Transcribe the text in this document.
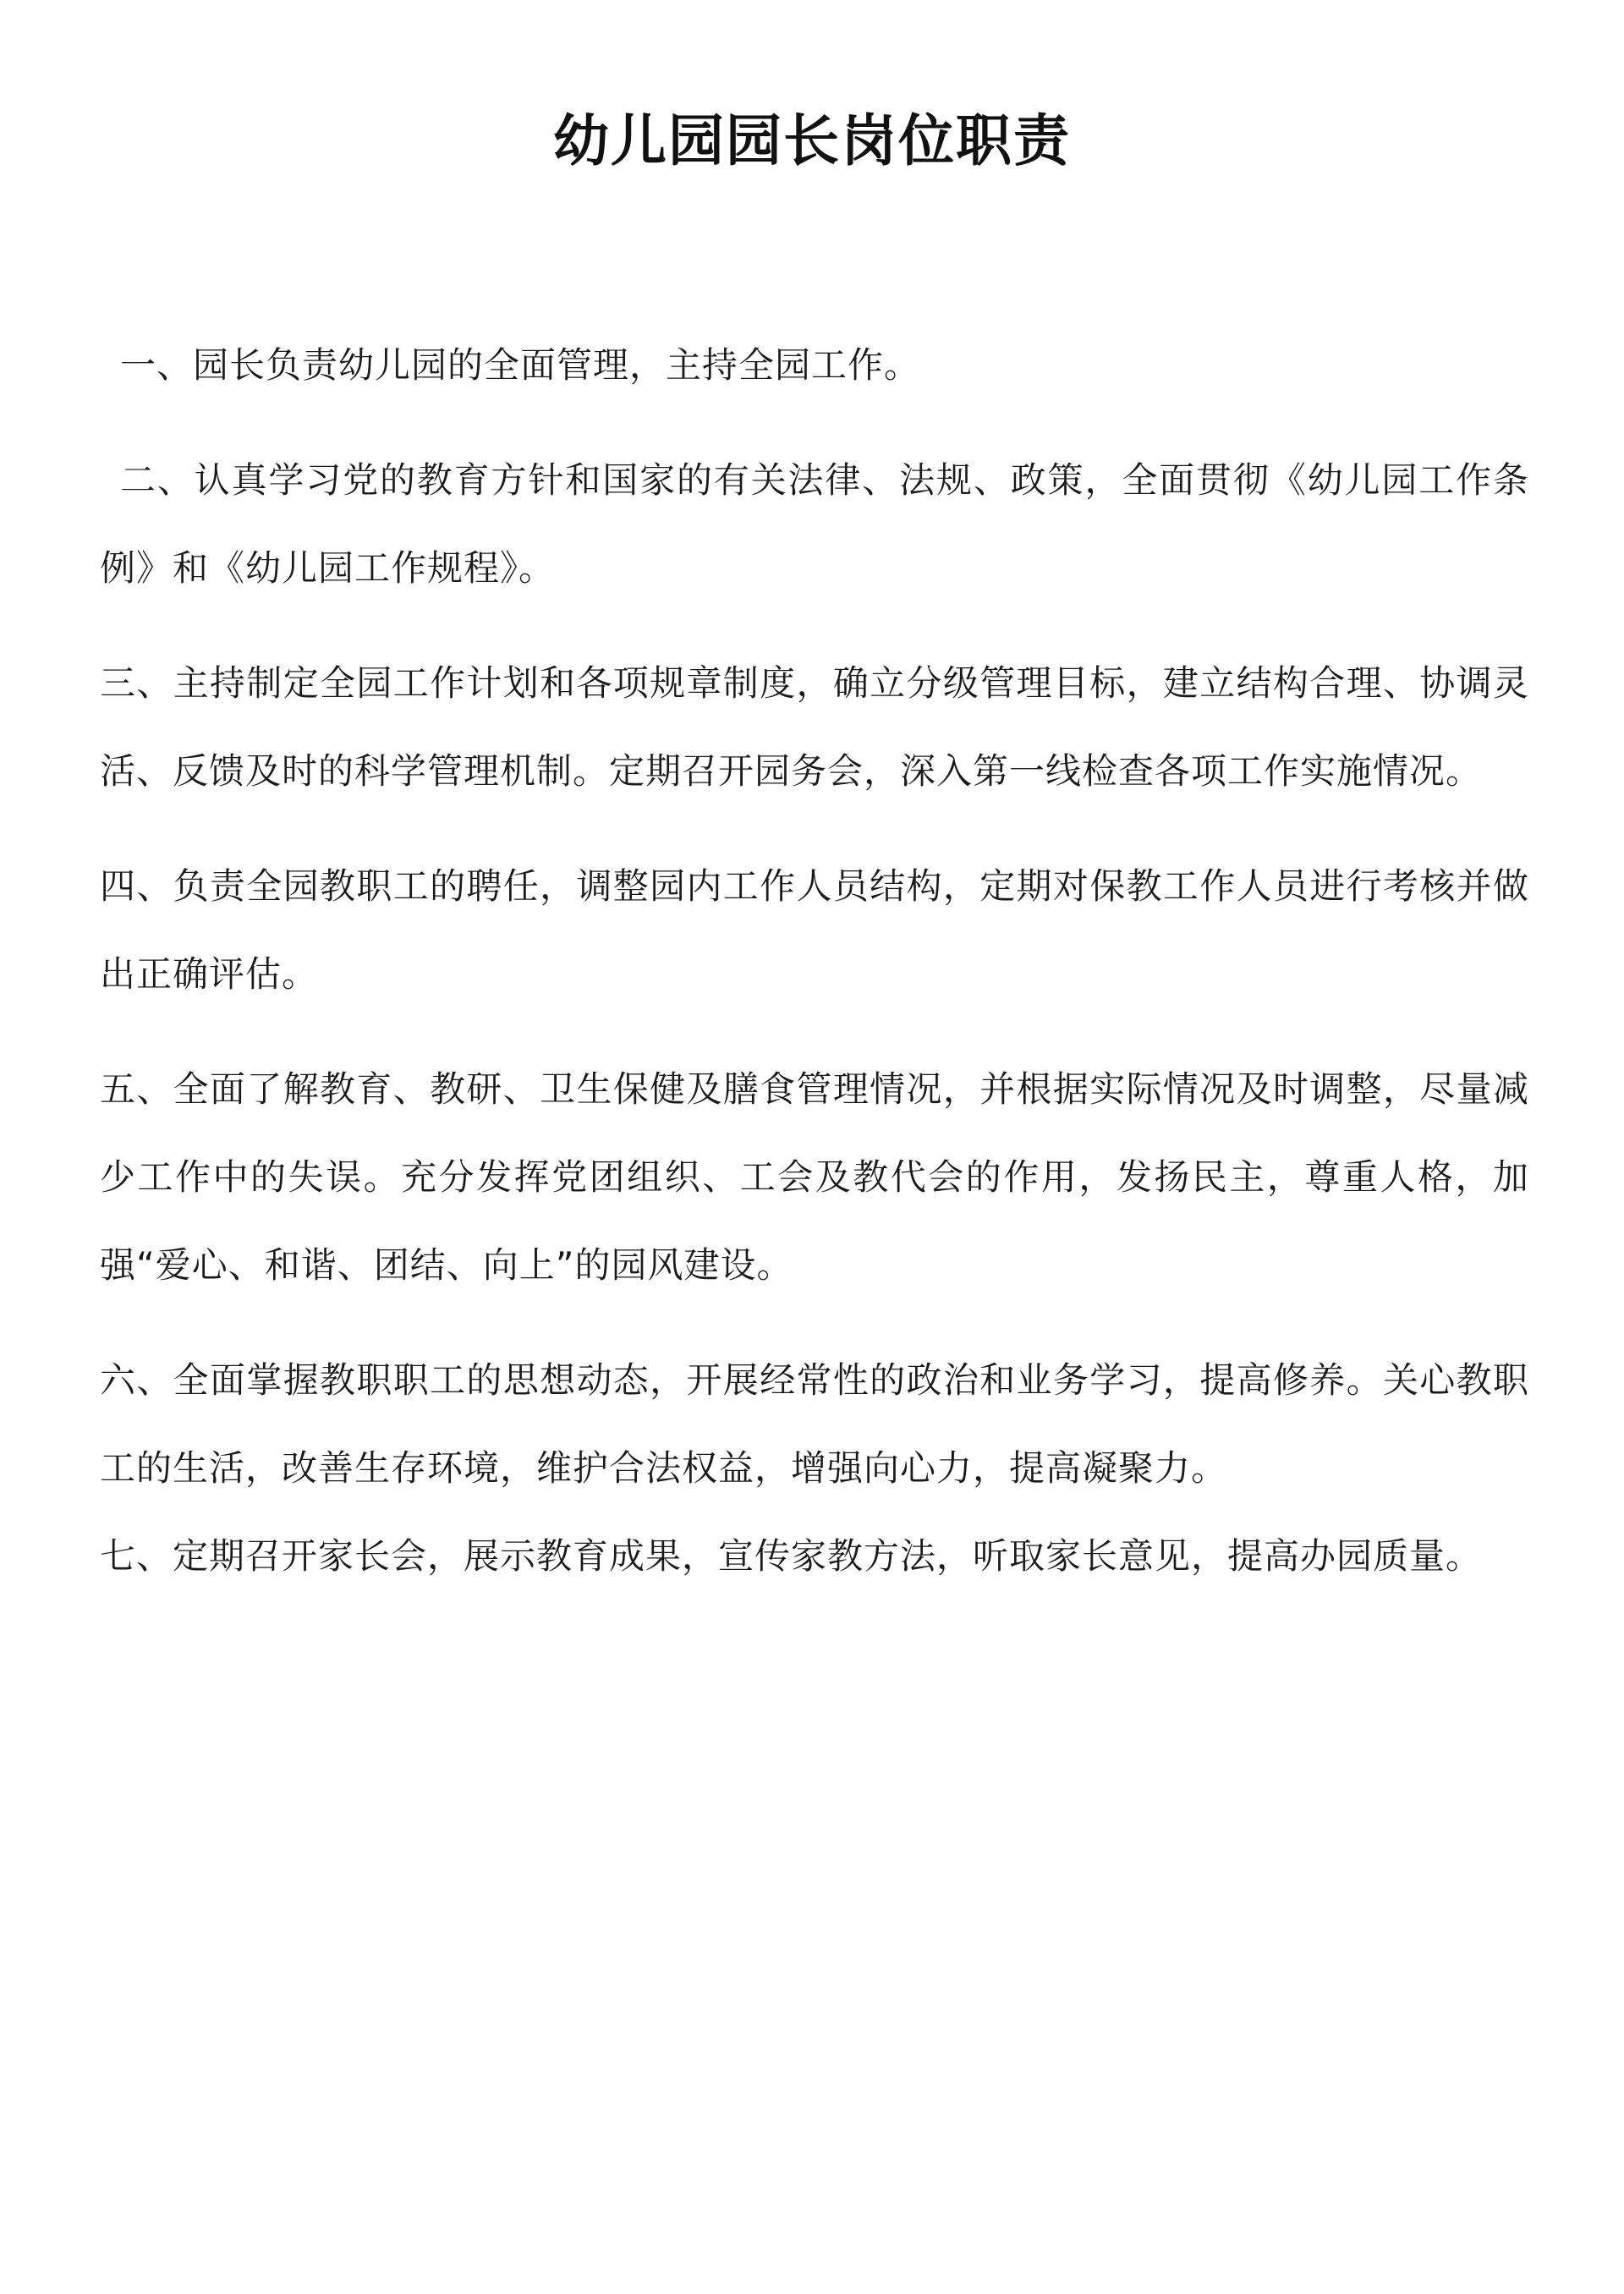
幼儿园园长岗位职责

一、园长负责幼儿园的全面管理，主持全园工作。

二、认真学习党的教育方针和国家的有关法律、法规、政策，全面贯彻《幼儿园工作条例》和《幼儿园工作规程》。

三、主持制定全园工作计划和各项规章制度，确立分级管理目标，建立结构合理、协调灵活、反馈及时的科学管理机制。定期召开园务会，深入第一线检查各项工作实施情况。

四、负责全园教职工的聘任，调整园内工作人员结构，定期对保教工作人员进行考核并做出正确评估。

五、全面了解教育、教研、卫生保健及膳食管理情况，并根据实际情况及时调整，尽量减少工作中的失误。充分发挥党团组织、工会及教代会的作用，发扬民主，尊重人格，加强“爱心、和谐、团结、向上”的园风建设。

六、全面掌握教职职工的思想动态，开展经常性的政治和业务学习，提高修养。关心教职工的生活，改善生存环境，维护合法权益，增强向心力，提高凝聚力。

七、定期召开家长会，展示教育成果，宣传家教方法，听取家长意见，提高办园质量。
